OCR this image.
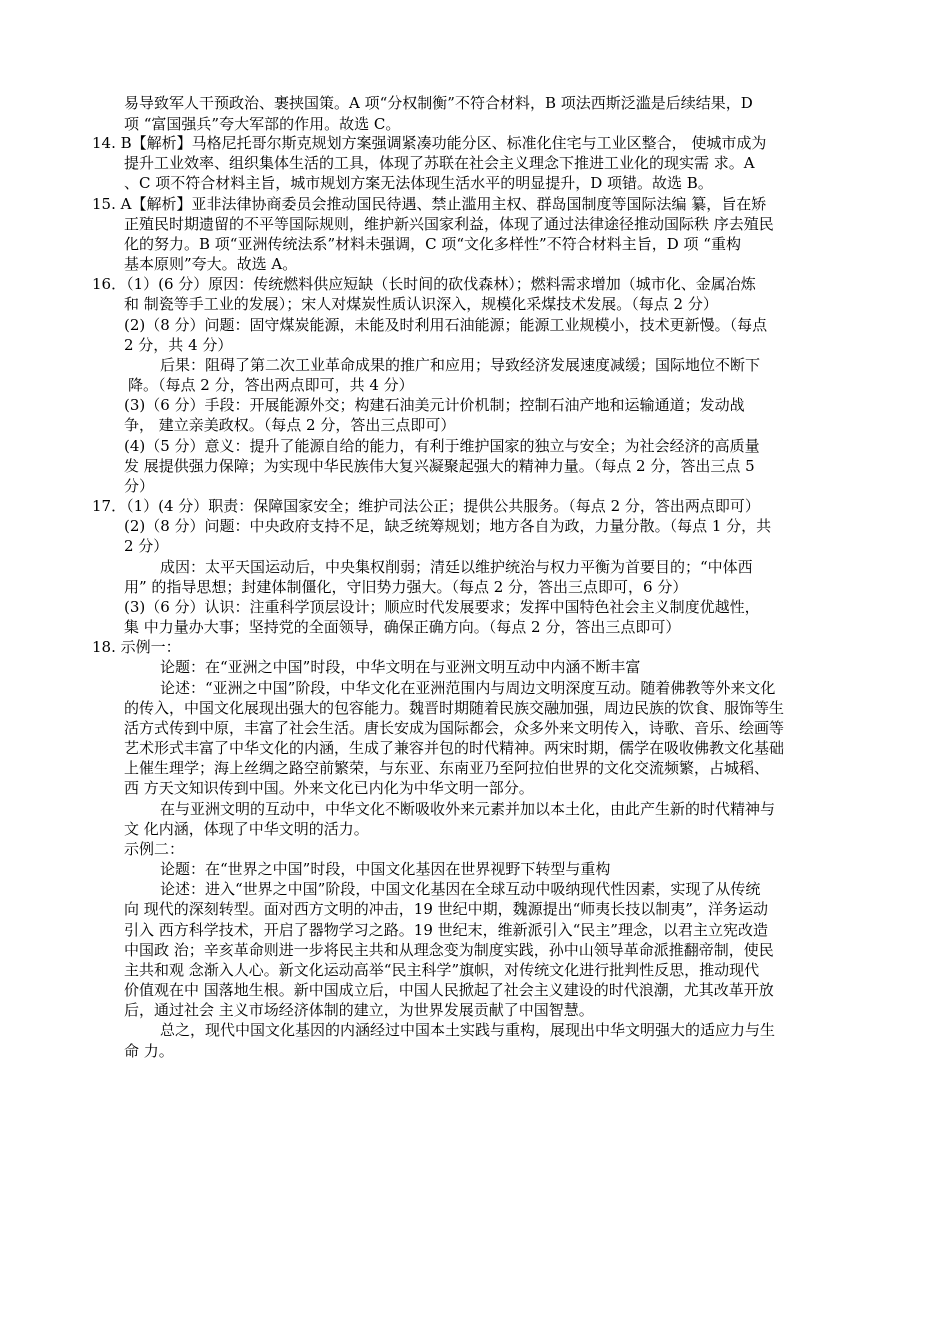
易导致军人干预政治、裹挟国策。A 项“分权制衡”不符合材料，B 项法西斯泛滥是后续结果，D
项 “富国强兵”夸大军部的作用。故选 C。
14. B【解析】马格尼托哥尔斯克规划方案强调紧凑功能分区、标准化住宅与工业区整合， 使城市成为
提升工业效率、组织集体生活的工具，体现了苏联在社会主义理念下推进工业化的现实需 求。A
、C 项不符合材料主旨，城市规划方案无法体现生活水平的明显提升，D 项错。故选 B。
15. A【解析】亚非法律协商委员会推动国民待遇、禁止滥用主权、群岛国制度等国际法编 纂，旨在矫
正殖民时期遗留的不平等国际规则，维护新兴国家利益，体现了通过法律途径推动国际秩 序去殖民
化的努力。B 项“亚洲传统法系”材料未强调，C 项“文化多样性”不符合材料主旨，D 项 “重构
基本原则”夸大。故选 A。
16．（1）(6 分）原因：传统燃料供应短缺（长时间的砍伐森林）；燃料需求增加（城市化、金属冶炼
和 制瓷等手工业的发展）；宋人对煤炭性质认识深入，规模化采煤技术发展。（每点 2 分）
(2)（8 分）问题：固守煤炭能源，未能及时利用石油能源；能源工业规模小，技术更新慢。（每点
2 分，共 4 分）
后果：阻碍了第二次工业革命成果的推广和应用；导致经济发展速度减缓；国际地位不断下
降。（每点 2 分，答出两点即可，共 4 分）
(3)（6 分）手段：开展能源外交；构建石油美元计价机制；控制石油产地和运输通道；发动战
争， 建立亲美政权。（每点 2 分，答出三点即可）
(4)（5 分）意义：提升了能源自给的能力，有利于维护国家的独立与安全；为社会经济的高质量
发 展提供强力保障；为实现中华民族伟大复兴凝聚起强大的精神力量。（每点 2 分，答出三点 5
分）
17．（1）(4 分）职责：保障国家安全；维护司法公正；提供公共服务。（每点 2 分，答出两点即可）
(2)（8 分）问题：中央政府支持不足，缺乏统筹规划；地方各自为政，力量分散。（每点 1 分，共
2 分）
成因：太平天国运动后，中央集权削弱；清廷以维护统治与权力平衡为首要目的；“中体西
用” 的指导思想；封建体制僵化，守旧势力强大。（每点 2 分，答出三点即可，6 分）
(3)（6 分）认识：注重科学顶层设计；顺应时代发展要求；发挥中国特色社会主义制度优越性，
集 中力量办大事；坚持党的全面领导，确保正确方向。（每点 2 分，答出三点即可）
18. 示例一：
论题：在“亚洲之中国”时段，中华文明在与亚洲文明互动中内涵不断丰富
论述：“亚洲之中国”阶段，中华文化在亚洲范围内与周边文明深度互动。随着佛教等外来文化
的传入，中国文化展现出强大的包容能力。魏晋时期随着民族交融加强，周边民族的饮食、服饰等生
活方式传到中原，丰富了社会生活。唐长安成为国际都会，众多外来文明传入，诗歌、音乐、绘画等
艺术形式丰富了中华文化的内涵，生成了兼容并包的时代精神。两宋时期，儒学在吸收佛教文化基础
上催生理学；海上丝绸之路空前繁荣，与东亚、东南亚乃至阿拉伯世界的文化交流频繁，占城稻、
西 方天文知识传到中国。外来文化已内化为中华文明一部分。
在与亚洲文明的互动中，中华文化不断吸收外来元素并加以本土化，由此产生新的时代精神与
文 化内涵，体现了中华文明的活力。
示例二：
论题：在“世界之中国”时段，中国文化基因在世界视野下转型与重构
论述：进入“世界之中国”阶段，中国文化基因在全球互动中吸纳现代性因素，实现了从传统
向 现代的深刻转型。面对西方文明的冲击，19 世纪中期，魏源提出“师夷长技以制夷”，洋务运动
引入 西方科学技术，开启了器物学习之路。19 世纪末，维新派引入“民主”理念，以君主立宪改造
中国政 治；辛亥革命则进一步将民主共和从理念变为制度实践，孙中山领导革命派推翻帝制，使民
主共和观 念渐入人心。新文化运动高举“民主科学”旗帜，对传统文化进行批判性反思，推动现代
价值观在中 国落地生根。新中国成立后，中国人民掀起了社会主义建设的时代浪潮，尤其改革开放
后，通过社会 主义市场经济体制的建立，为世界发展贡献了中国智慧。
总之，现代中国文化基因的内涵经过中国本土实践与重构，展现出中华文明强大的适应力与生
命 力。
